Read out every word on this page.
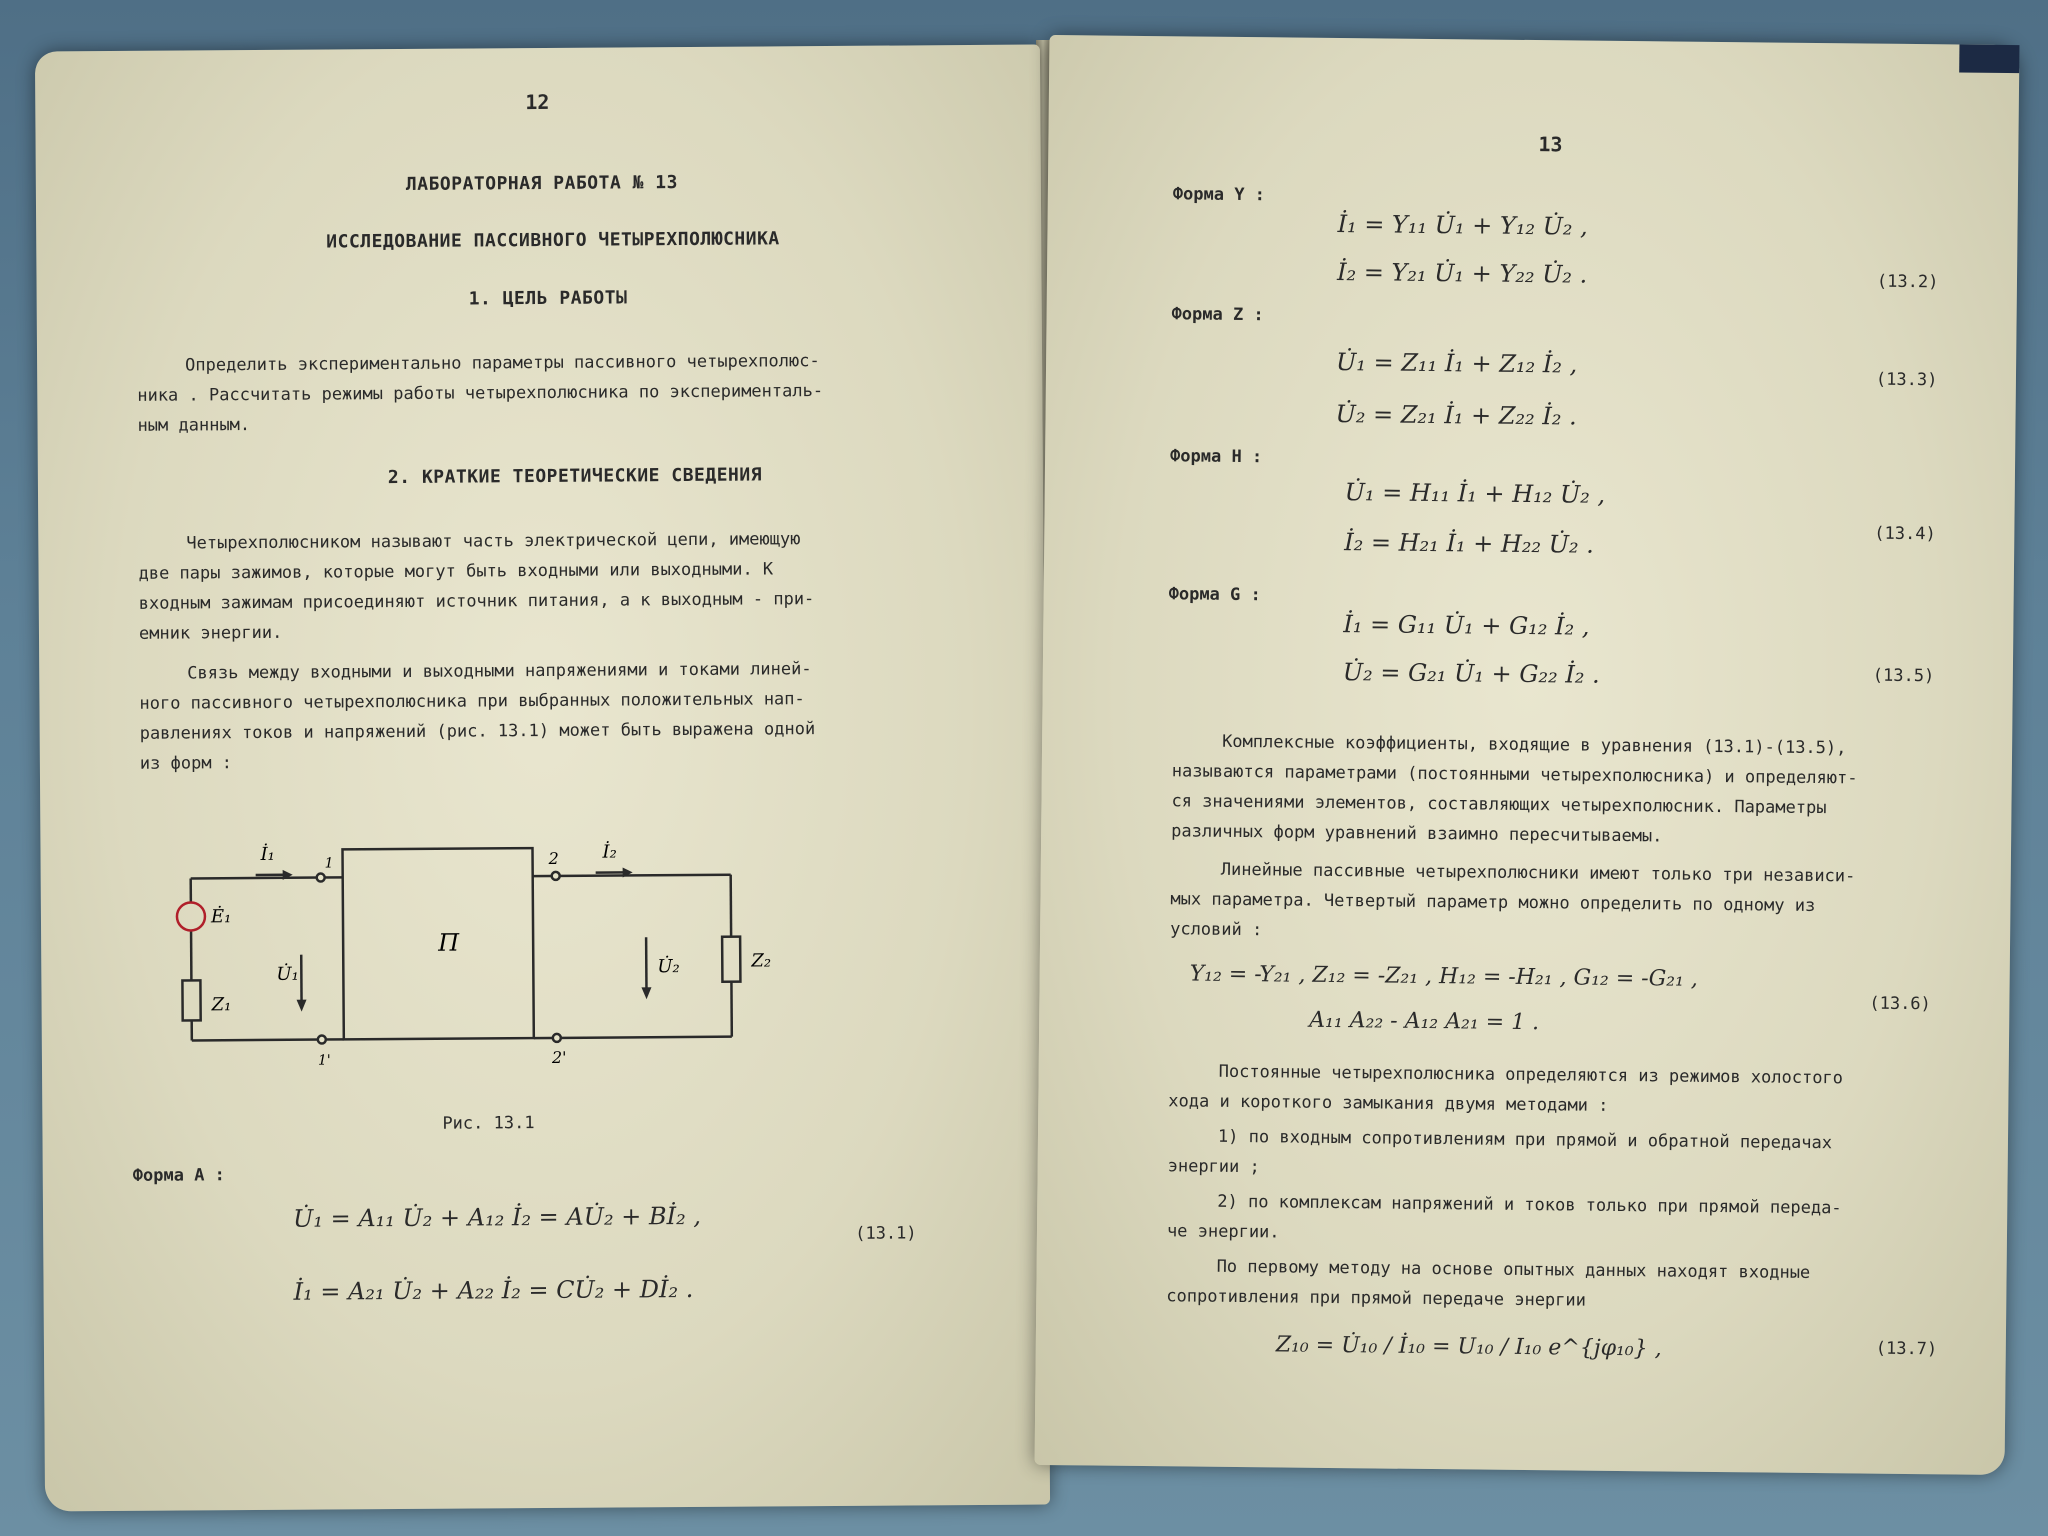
12
ЛАБОРАТОРНАЯ РАБОТА № 13
ИССЛЕДОВАНИЕ ПАССИВНОГО ЧЕТЫРЕХПОЛЮСНИКА
1. ЦЕЛЬ РАБОТЫ
Определить экспериментально параметры пассивного четырехполюс-
ника . Рассчитать режимы работы четырехполюсника по эксперименталь-
ным данным.
2. КРАТКИЕ ТЕОРЕТИЧЕСКИЕ СВЕДЕНИЯ
Четырехполюсником называют часть электрической цепи, имеющую
две пары зажимов, которые могут быть входными или выходными. К
входным зажимам присоединяют источник питания, а к выходным - при-
емник энергии.
Связь между входными и выходными напряжениями и токами линей-
ного пассивного четырехполюсника при выбранных положительных нап-
равлениях токов и напряжений (рис. 13.1) может быть выражена одной
из форм :
П
1
1'
2
2'
İ₁	İ₂
U̇₁	U̇₂
Ė₁
Z₁
Z₂
Рис. 13.1
Форма А :
U̇₁ = A₁₁ U̇₂ + A₁₂ İ₂ = AU̇₂ + Bİ₂ ,
İ₁ = A₂₁ U̇₂ + A₂₂ İ₂ = CU̇₂ + Dİ₂ .
(13.1)
13
Форма Y :
İ₁ = Y₁₁ U̇₁ + Y₁₂ U̇₂ ,
İ₂ = Y₂₁ U̇₁ + Y₂₂ U̇₂ .	(13.2)
Форма Z :
U̇₁ = Z₁₁ İ₁ + Z₁₂ İ₂ ,
U̇₂ = Z₂₁ İ₁ + Z₂₂ İ₂ .
(13.3)
Форма H :
U̇₁ = H₁₁ İ₁ + H₁₂ U̇₂ ,
İ₂ = H₂₁ İ₁ + H₂₂ U̇₂ .	(13.4)
Форма G :
İ₁ = G₁₁ U̇₁ + G₁₂ İ₂ ,
U̇₂ = G₂₁ U̇₁ + G₂₂ İ₂ .	(13.5)
Комплексные коэффициенты, входящие в уравнения (13.1)-(13.5),
называются параметрами (постоянными четырехполюсника) и определяют-
ся значениями элементов, составляющих четырехполюсник. Параметры
различных форм уравнений взаимно пересчитываемы.
Линейные пассивные четырехполюсники имеют только три независи-
мых параметра. Четвертый параметр можно определить по одному из
условий :
Y₁₂ = -Y₂₁ , Z₁₂ = -Z₂₁ , H₁₂ = -H₂₁ , G₁₂ = -G₂₁ ,
A₁₁ A₂₂ - A₁₂ A₂₁ = 1 .
(13.6)
Постоянные четырехполюсника определяются из режимов холостого
хода и короткого замыкания двумя методами :
1) по входным сопротивлениям при прямой и обратной передачах
энергии ;
2) по комплексам напряжений и токов только при прямой переда-
че энергии.
По первому методу на основе опытных данных находят входные
сопротивления при прямой передаче энергии
Z₁₀ = U̇₁₀ / İ₁₀ = U₁₀ / I₁₀ e^{jφ₁₀} ,	(13.7)
